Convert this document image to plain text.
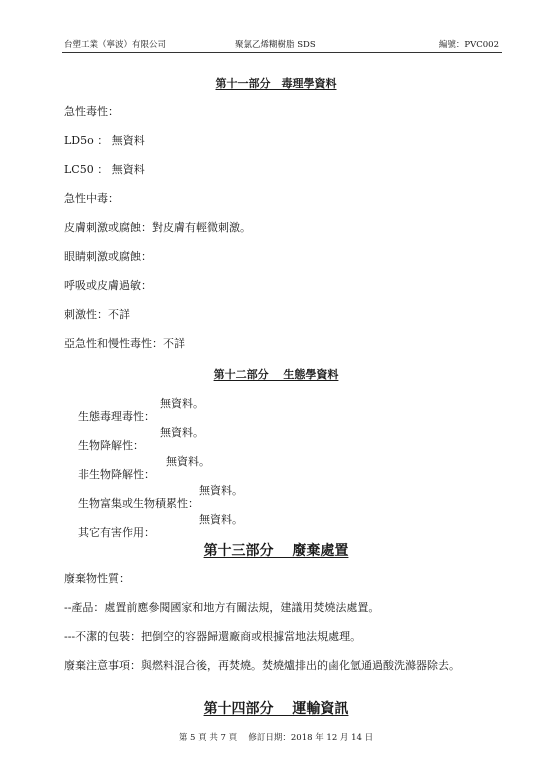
台塑工業（寧波）有限公司	聚氯乙烯糊樹脂 SDS	編號：PVC002
第十一部分　毒理學資料
急性毒性：
LD5o ： 無資料
LC50 ： 無資料
急性中毒：
皮膚刺激或腐蝕：對皮膚有輕微刺激。
眼睛刺激或腐蝕：
呼吸或皮膚過敏：
刺激性：不詳
亞急性和慢性毒性：不詳
第十二部分　 生態學資料

生態毒理毒性：

無資料。

生物降解性：

無資料。

非生物降解性：

無資料。

生物富集或生物積累性：

無資料。

其它有害作用：

無資料。

第十三部分　 廢棄處置
廢棄物性質：
--產品：處置前應參閱國家和地方有關法規，建議用焚燒法處置。
---不潔的包裝：把倒空的容器歸還廠商或根據當地法規處理。
廢棄注意事項：與燃料混合後，再焚燒。焚燒爐排出的鹵化氫通過酸洗滌器除去。
第十四部分　 運輸資訊
第 5 頁 共 7 頁　 修訂日期：2018 年 12 月 14 日
